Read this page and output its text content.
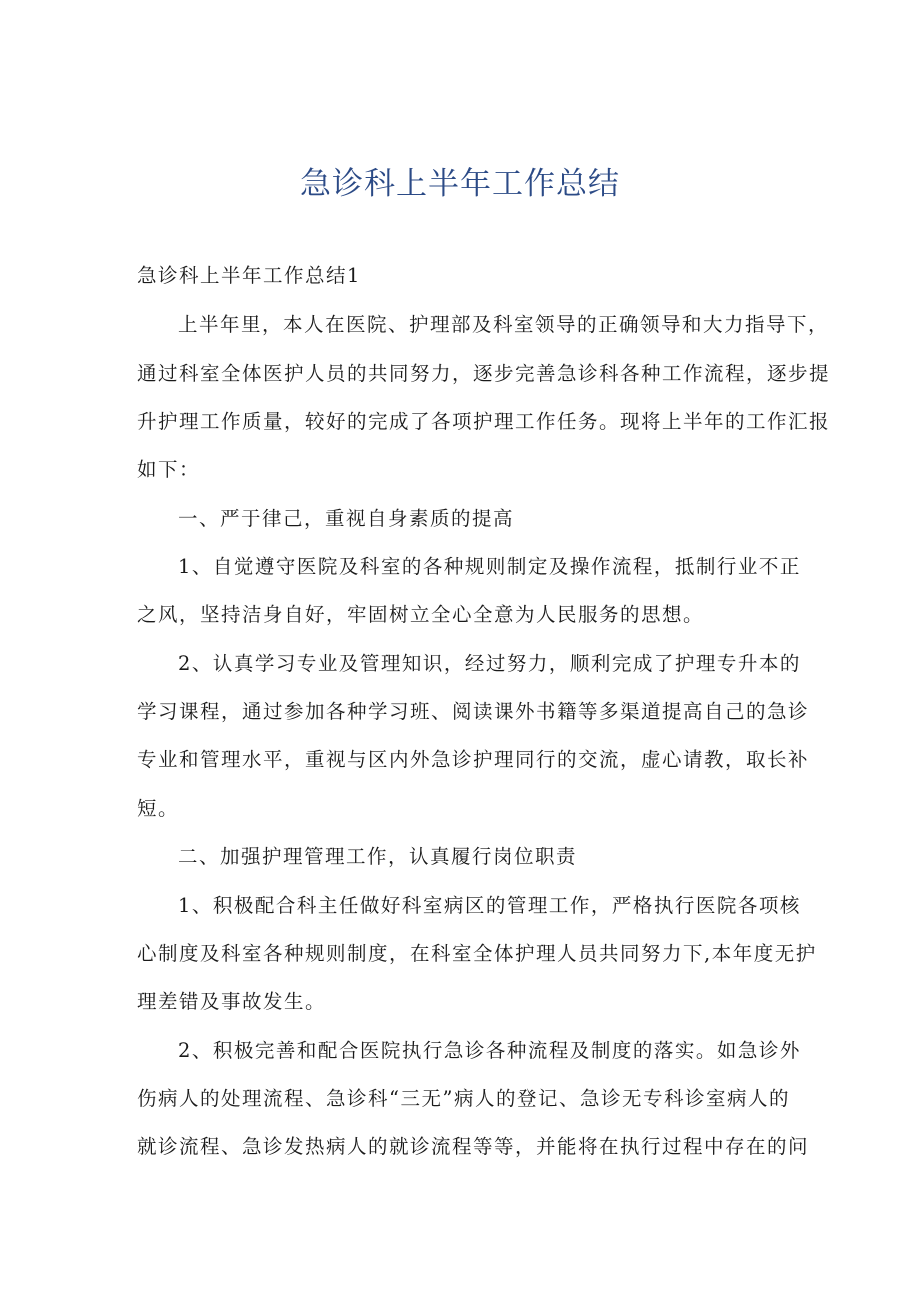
急诊科上半年工作总结
急诊科上半年工作总结1
上半年里，本人在医院、护理部及科室领导的正确领导和大力指导下，
通过科室全体医护人员的共同努力，逐步完善急诊科各种工作流程，逐步提
升护理工作质量，较好的完成了各项护理工作任务。现将上半年的工作汇报
如下：
一、严于律己，重视自身素质的提高
1、自觉遵守医院及科室的各种规则制定及操作流程，抵制行业不正
之风，坚持洁身自好，牢固树立全心全意为人民服务的思想。
2、认真学习专业及管理知识，经过努力，顺利完成了护理专升本的
学习课程，通过参加各种学习班、阅读课外书籍等多渠道提高自己的急诊
专业和管理水平，重视与区内外急诊护理同行的交流，虚心请教，取长补
短。
二、加强护理管理工作，认真履行岗位职责
1、积极配合科主任做好科室病区的管理工作，严格执行医院各项核
心制度及科室各种规则制度，在科室全体护理人员共同努力下,本年度无护
理差错及事故发生。
2、积极完善和配合医院执行急诊各种流程及制度的落实。如急诊外
伤病人的处理流程、急诊科“三无”病人的登记、急诊无专科诊室病人的
就诊流程、急诊发热病人的就诊流程等等，并能将在执行过程中存在的问
